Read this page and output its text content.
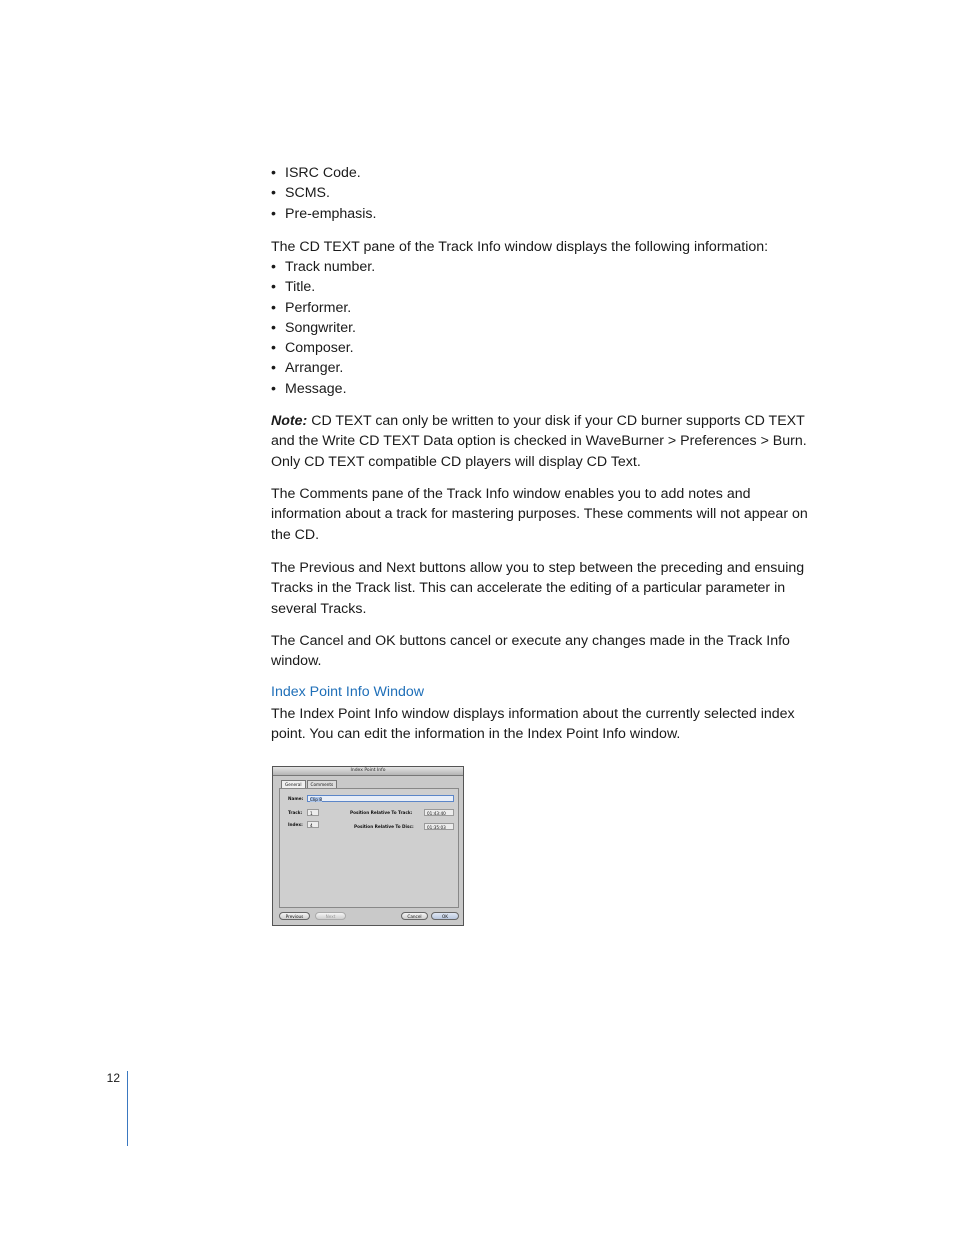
• ISRC Code.
• SCMS.
• Pre-emphasis.

The CD TEXT pane of the Track Info window displays the following information:

• Track number.
• Title.
• Performer.
• Songwriter.
• Composer.
• Arranger.
• Message.

Note: CD TEXT can only be written to your disk if your CD burner supports CD TEXT and the Write CD TEXT Data option is checked in WaveBurner > Preferences > Burn. Only CD TEXT compatible CD players will display CD Text.

The Comments pane of the Track Info window enables you to add notes and information about a track for mastering purposes. These comments will not appear on the CD.

The Previous and Next buttons allow you to step between the preceding and ensuing Tracks in the Track list. This can accelerate the editing of a particular parameter in several Tracks.

The Cancel and OK buttons cancel or execute any changes made in the Track Info window.

Index Point Info Window

The Index Point Info window displays information about the currently selected index point. You can edit the information in the Index Point Info window.

Index Point Info
General	Comments
Name:	Clip 8
Track:	1
Index:	4
Position Relative To Track:	01:43:40
Position Relative To Disc:	01:35:03
Previous	Next	Cancel	OK
12
